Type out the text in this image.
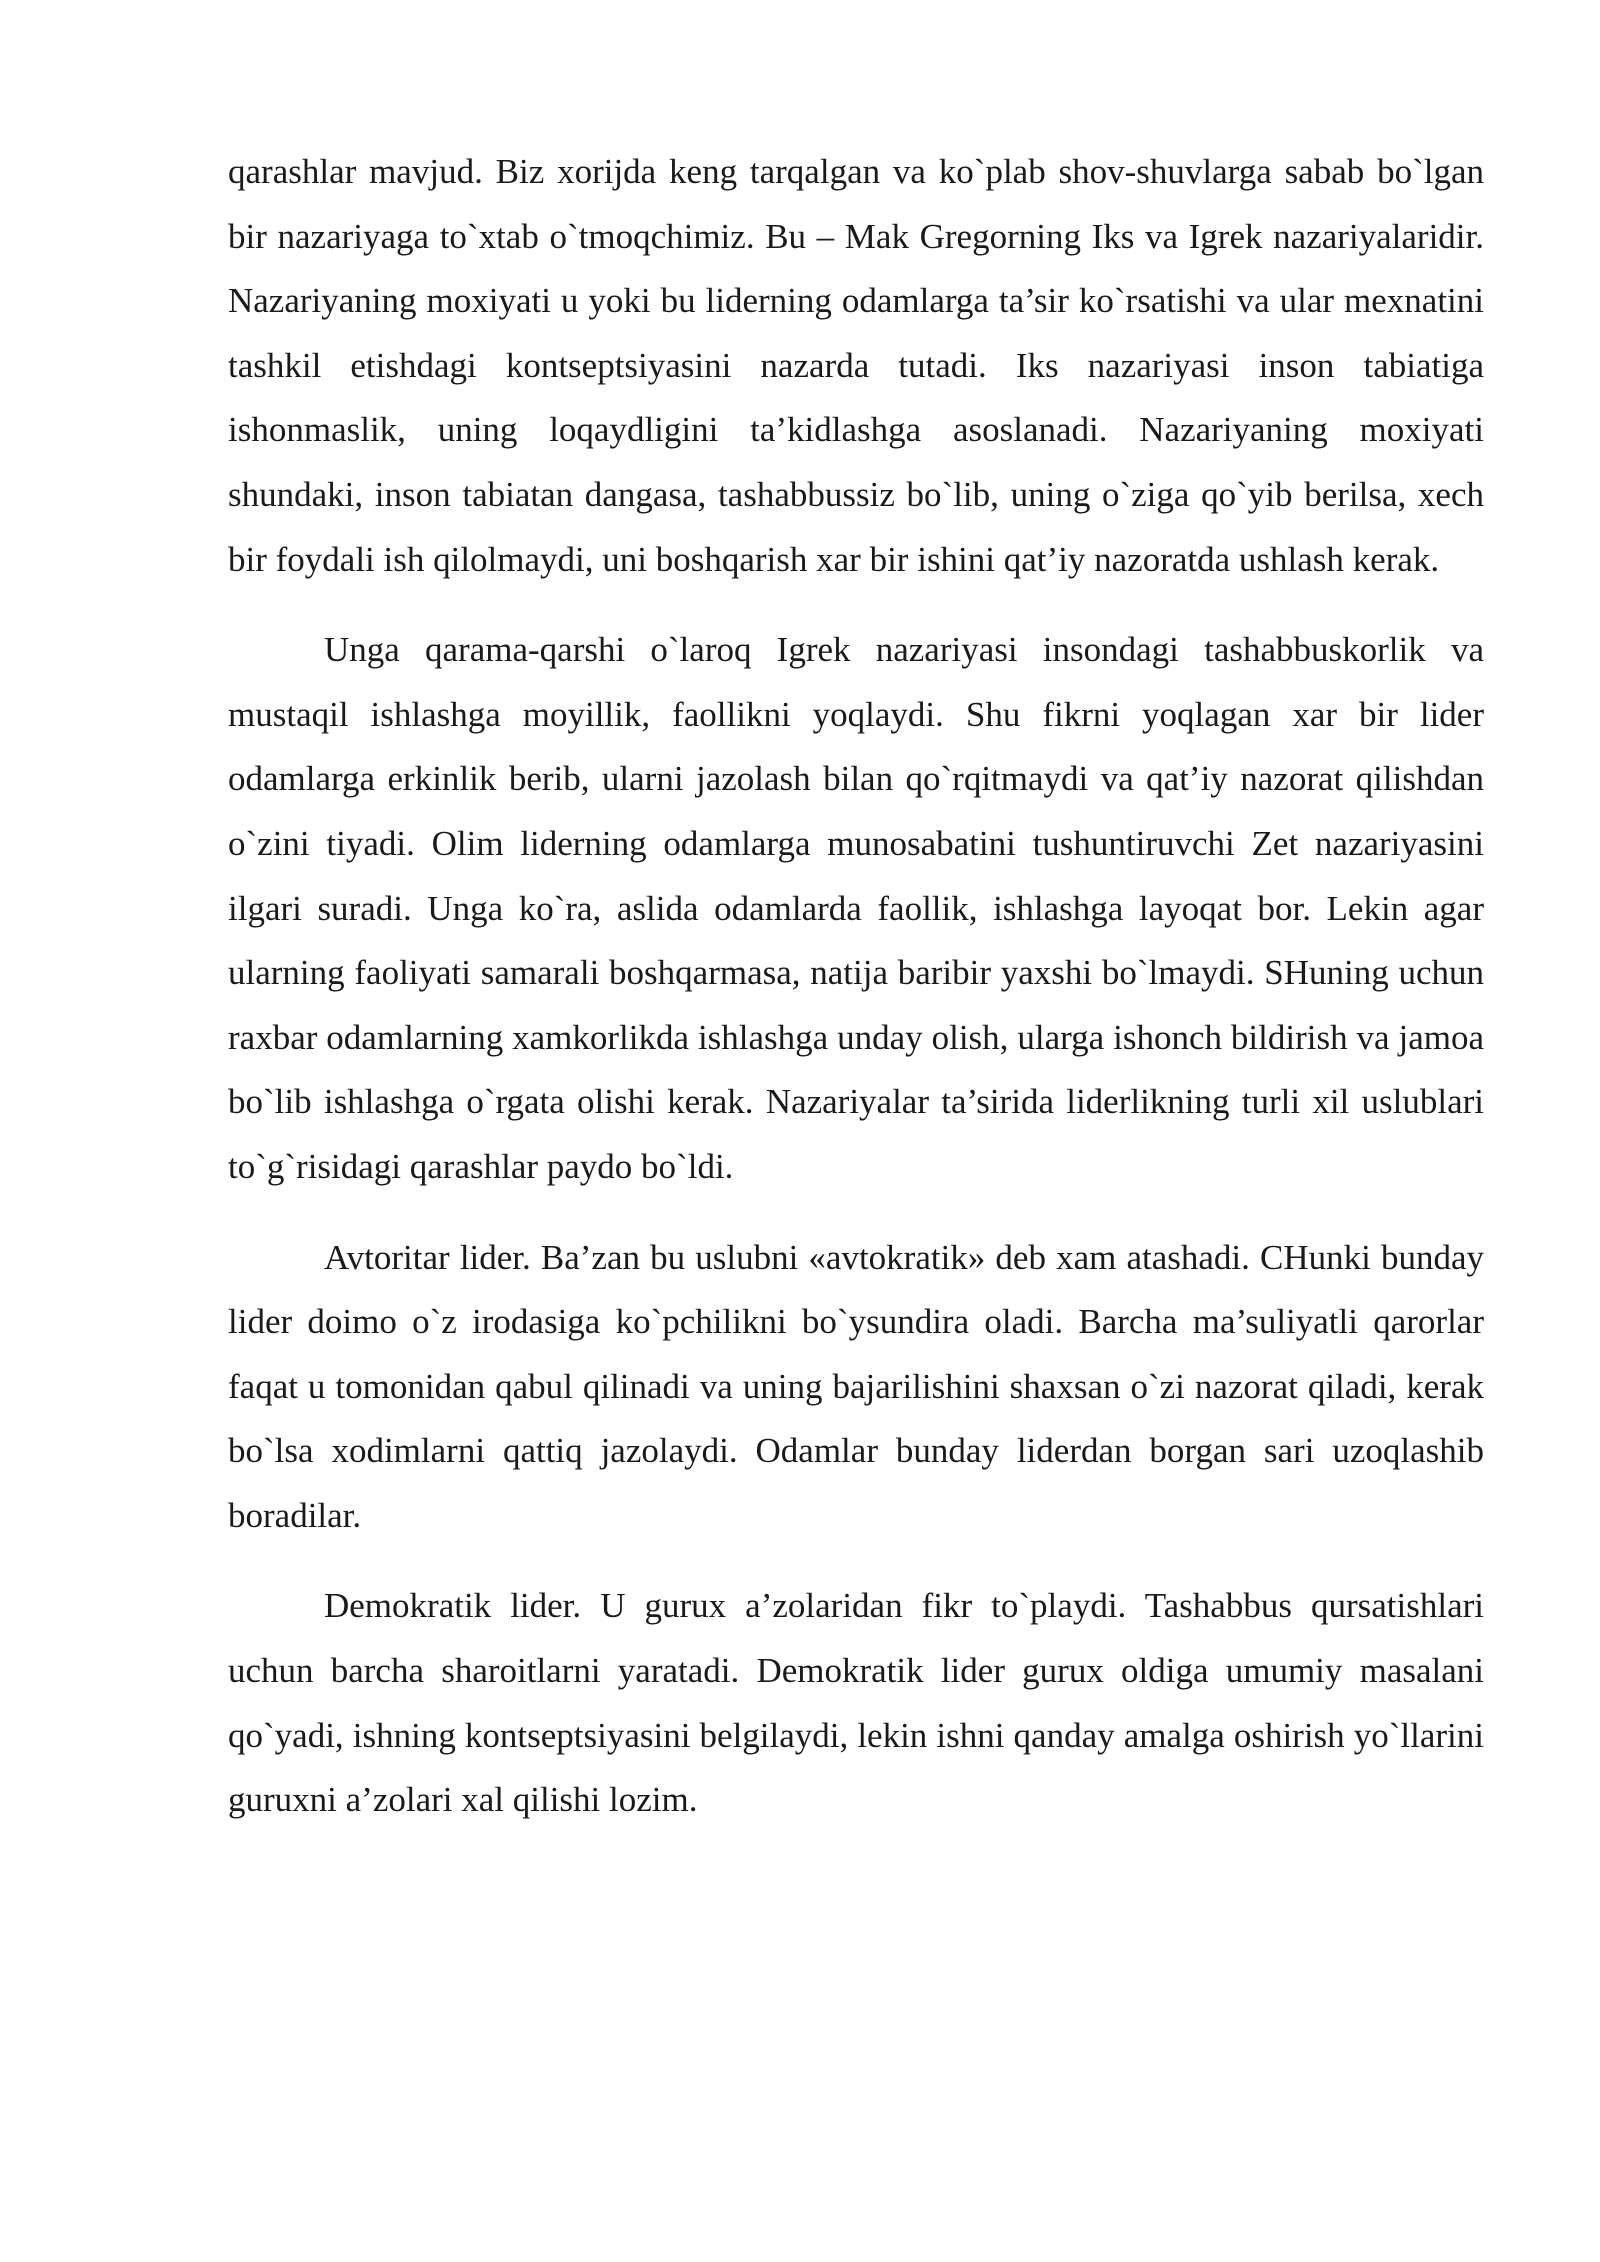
qarashlar mavjud. Biz xorijda keng tarqalgan va ko`plab shov-shuvlarga sabab bo`lgan bir nazariyaga to`xtab o`tmoqchimiz. Bu – Mak Gregorning Iks va Igrek nazariyalaridir. Nazariyaning moxiyati u yoki bu liderning odamlarga ta’sir ko`rsatishi va ular mexnatini tashkil etishdagi kontseptsiyasini nazarda tutadi. Iks nazariyasi inson tabiatiga ishonmaslik, uning loqaydligini ta’kidlashga asoslanadi. Nazariyaning moxiyati shundaki, inson tabiatan dangasa, tashabbussiz bo`lib, uning o`ziga qo`yib berilsa, xech bir foydali ish qilolmaydi, uni boshqarish xar bir ishini qat’iy nazoratda ushlash kerak.

Unga qarama-qarshi o`laroq Igrek nazariyasi insondagi tashabbuskorlik va mustaqil ishlashga moyillik, faollikni yoqlaydi. Shu fikrni yoqlagan xar bir lider odamlarga erkinlik berib, ularni jazolash bilan qo`rqitmaydi va qat’iy nazorat qilishdan o`zini tiyadi. Olim liderning odamlarga munosabatini tushuntiruvchi Zet nazariyasini ilgari suradi. Unga ko`ra, aslida odamlarda faollik, ishlashga layoqat bor. Lekin agar ularning faoliyati samarali boshqarmasa, natija baribir yaxshi bo`lmaydi. SHuning uchun raxbar odamlarning xamkorlikda ishlashga unday olish, ularga ishonch bildirish va jamoa bo`lib ishlashga o`rgata olishi kerak. Nazariyalar ta’sirida liderlikning turli xil uslublari to`g`risidagi qarashlar paydo bo`ldi.

Avtoritar lider. Ba’zan bu uslubni «avtokratik» deb xam atashadi. CHunki bunday lider doimo o`z irodasiga ko`pchilikni bo`ysundira oladi. Barcha ma’suliyatli qarorlar faqat u tomonidan qabul qilinadi va uning bajarilishini shaxsan o`zi nazorat qiladi, kerak bo`lsa xodimlarni qattiq jazolaydi. Odamlar bunday liderdan borgan sari uzoqlashib boradilar.

Demokratik lider. U gurux a’zolaridan fikr to`playdi. Tashabbus qursatishlari uchun barcha sharoitlarni yaratadi. Demokratik lider gurux oldiga umumiy masalani qo`yadi, ishning kontseptsiyasini belgilaydi, lekin ishni qanday amalga oshirish yo`llarini guruxni a’zolari xal qilishi lozim.
